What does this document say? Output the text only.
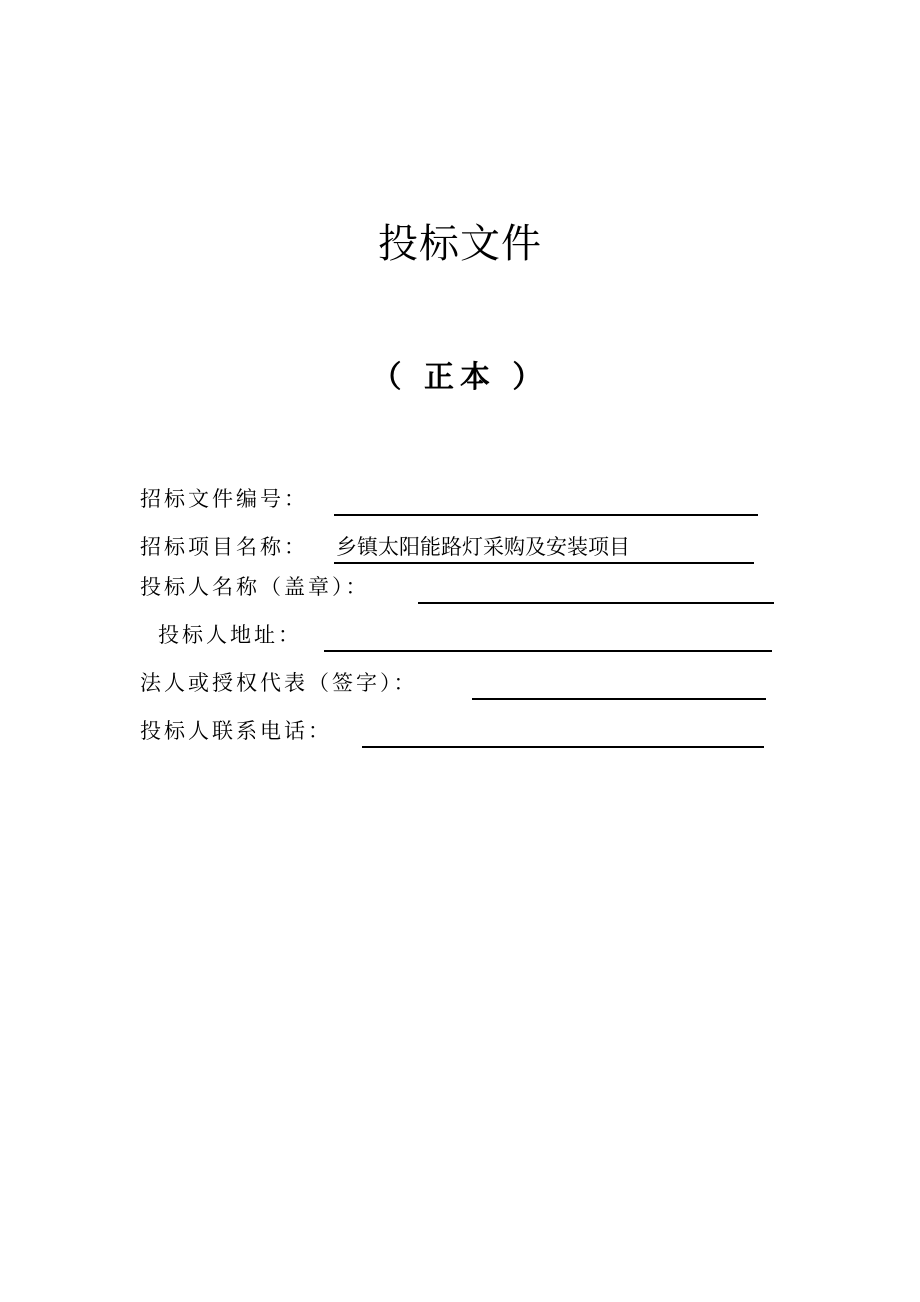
投标文件
（ 正本 ）
招标文件编号：
招标项目名称： 乡镇太阳能路灯采购及安装项目
投标人名称（盖章）：
投标人地址：
法人或授权代表（签字）：
投标人联系电话：
